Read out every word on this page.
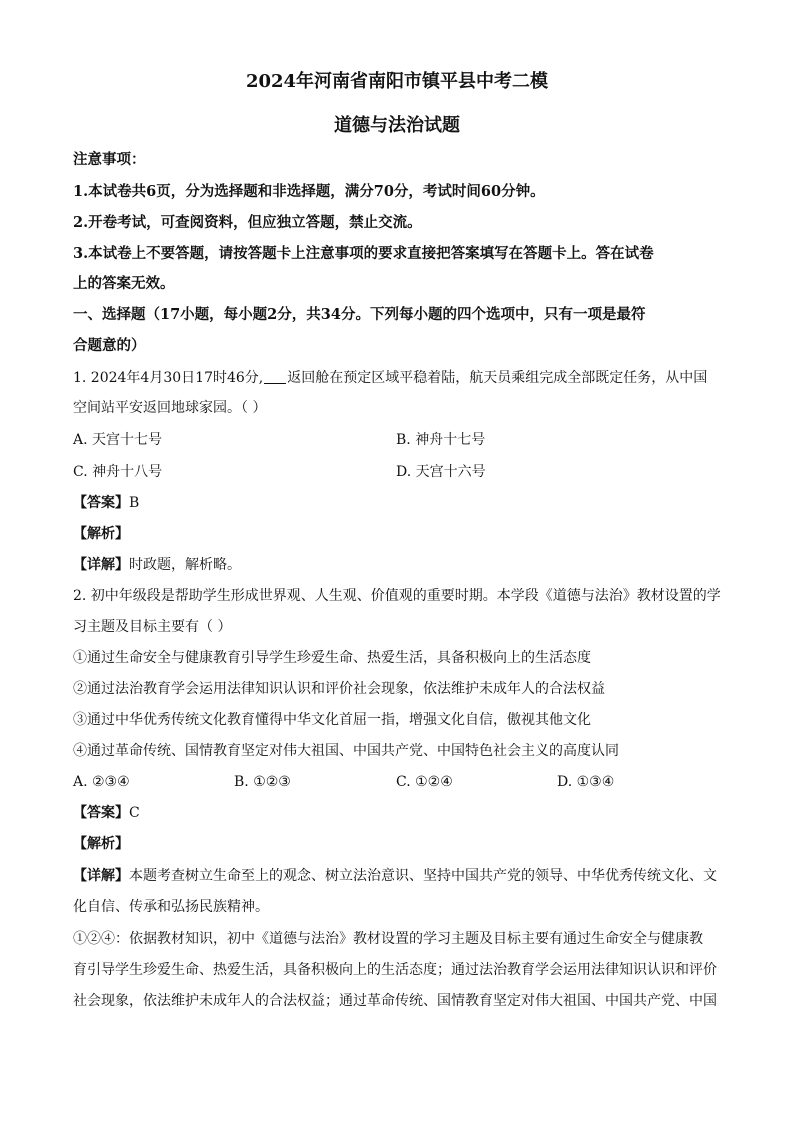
2024年河南省南阳市镇平县中考二模
道德与法治试题
注意事项：
1.本试卷共6页，分为选择题和非选择题，满分70分，考试时间60分钟。
2.开卷考试，可查阅资料，但应独立答题，禁止交流。
3.本试卷上不要答题，请按答题卡上注意事项的要求直接把答案填写在答题卡上。答在试卷
上的答案无效。
一、选择题（17小题，每小题2分，共34分。下列每小题的四个选项中，只有一项是最符
合题意的）
1. 2024年4月30日17时46分, 返回舱在预定区域平稳着陆，航天员乘组完成全部既定任务，从中国
空间站平安返回地球家园。（ ）
A. 天宫十七号	B. 神舟十七号
C. 神舟十八号	D. 天宫十六号
【答案】B
【解析】
【详解】时政题，解析略。
2. 初中年级段是帮助学生形成世界观、人生观、价值观的重要时期。本学段《道德与法治》教材设置的学
习主题及目标主要有（ ）
①通过生命安全与健康教育引导学生珍爱生命、热爱生活，具备积极向上的生活态度
②通过法治教育学会运用法律知识认识和评价社会现象，依法维护未成年人的合法权益
③通过中华优秀传统文化教育懂得中华文化首屈一指，增强文化自信，傲视其他文化
④通过革命传统、国情教育坚定对伟大祖国、中国共产党、中国特色社会主义的高度认同
A. ②③④	B. ①②③	C. ①②④	D. ①③④
【答案】C
【解析】
【详解】本题考查树立生命至上的观念、树立法治意识、坚持中国共产党的领导、中华优秀传统文化、文
化自信、传承和弘扬民族精神。
①②④：依据教材知识，初中《道德与法治》教材设置的学习主题及目标主要有通过生命安全与健康教
育引导学生珍爱生命、热爱生活，具备积极向上的生活态度；通过法治教育学会运用法律知识认识和评价
社会现象，依法维护未成年人的合法权益；通过革命传统、国情教育坚定对伟大祖国、中国共产党、中国
